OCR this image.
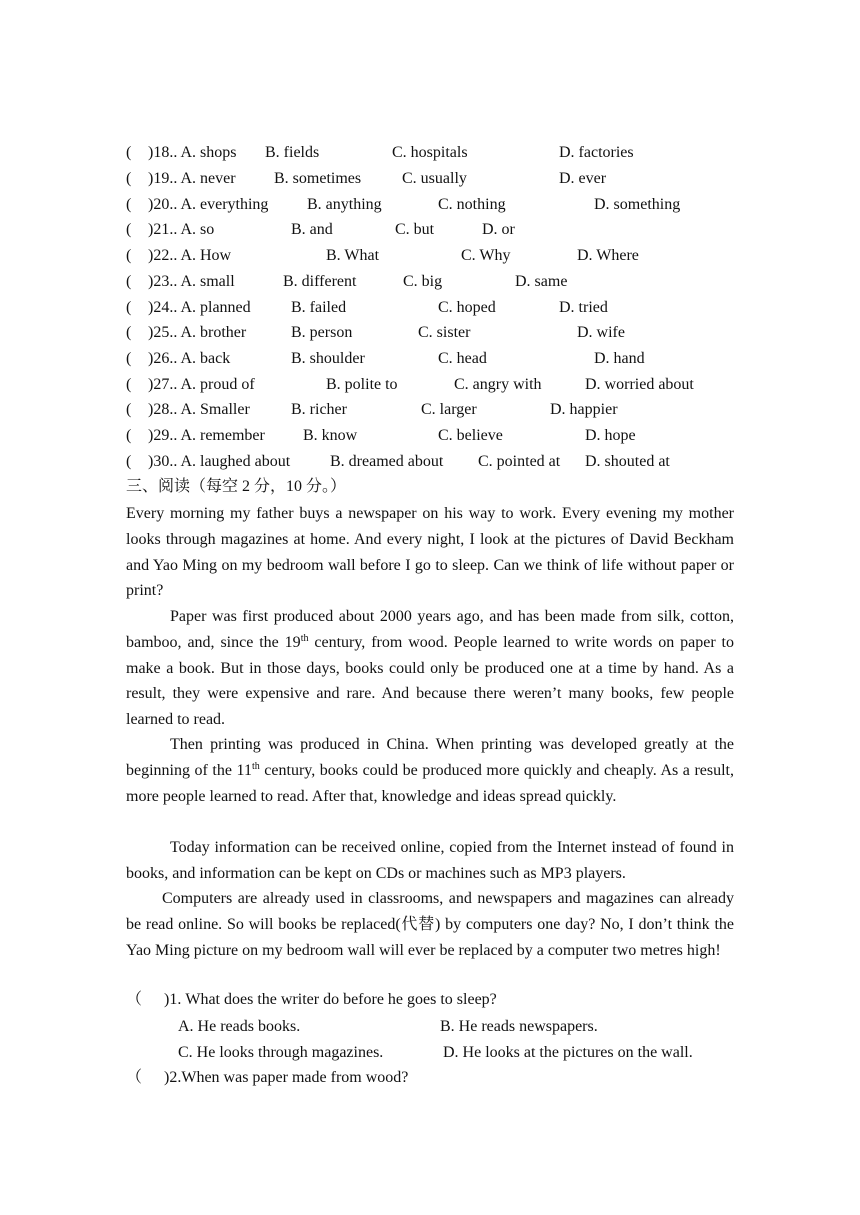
( )18.. A. shops B. fields	C. hospitals	D. factories
( )19.. A. never B. sometimes	C. usually	D. ever
( )20.. A. everything B. anything	C. nothing	D. something
( )21.. A. so	B. and	C. but	D. or
( )22.. A. How	B. What	C. Why	D. Where
( )23.. A. small	B. different	C. big	D. same
( )24.. A. planned	B. failed	C. hoped	D. tried
( )25.. A. brother	B. person	C. sister	D. wife
( )26.. A. back	B. shoulder	C. head	D. hand
( )27.. A. proud of	B. polite to	C. angry with	D. worried about
( )28.. A. Smaller	B. richer	C. larger	D. happier
( )29.. A. remember B. know	C. believe	D. hope
( )30.. A. laughed about B. dreamed about C. pointed at D. shouted at
三、阅读（每空 2 分，10 分。）

Every morning my father buys a newspaper on his way to work. Every evening my mother looks through magazines at home. And every night, I look at the pictures of David Beckham and Yao Ming on my bedroom wall before I go to sleep. Can we think of life without paper or print?

Paper was first produced about 2000 years ago, and has been made from silk, cotton, bamboo, and, since the 19th century, from wood. People learned to write words on paper to make a book. But in those days, books could only be produced one at a time by hand. As a result, they were expensive and rare. And because there weren’t many books, few people learned to read.

Then printing was produced in China. When printing was developed greatly at the beginning of the 11th century, books could be produced more quickly and cheaply. As a result, more people learned to read. After that, knowledge and ideas spread quickly.

Today information can be received online, copied from the Internet instead of found in books, and information can be kept on CDs or machines such as MP3 players.

Computers are already used in classrooms, and newspapers and magazines can already be read online. So will books be replaced(代替) by computers one day? No, I don’t think the Yao Ming picture on my bedroom wall will ever be replaced by a computer two metres high!

（ )1. What does the writer do before he goes to sleep?
A. He reads books.	B. He reads newspapers.
C. He looks through magazines.	D. He looks at the pictures on the wall.
（ )2.When was paper made from wood?
